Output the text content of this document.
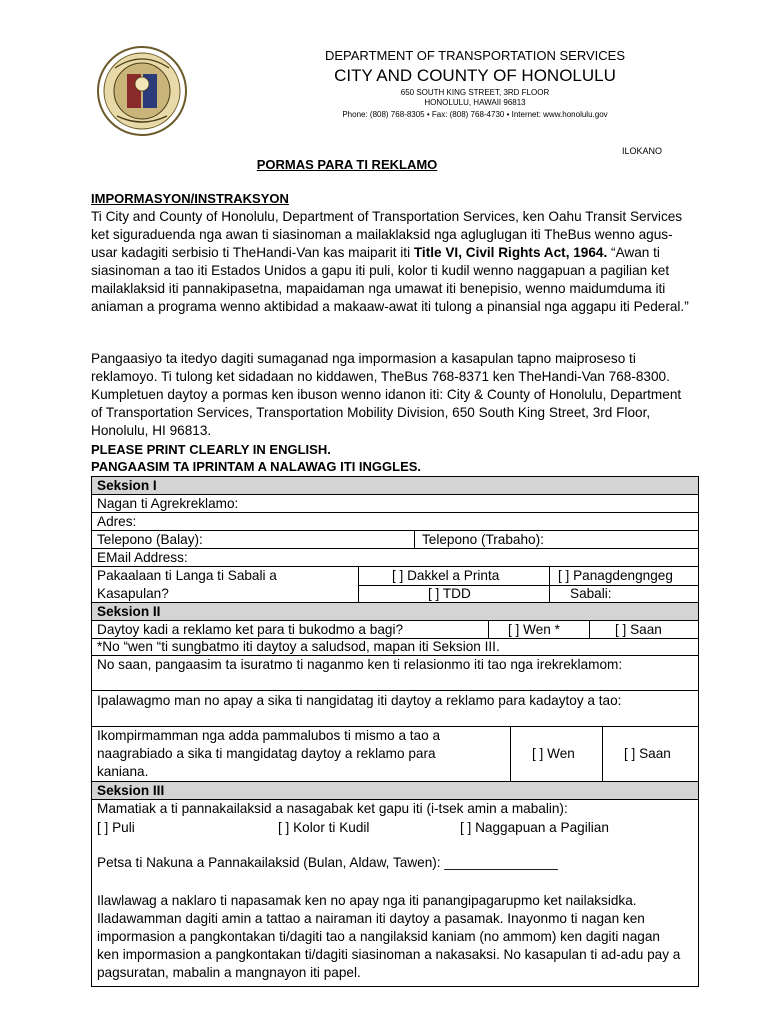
DEPARTMENT OF TRANSPORTATION SERVICES
CITY AND COUNTY OF HONOLULU
650 SOUTH KING STREET, 3RD FLOOR
HONOLULU, HAWAII 96813
Phone: (808) 768-8305 • Fax: (808) 768-4730 • Internet: www.honolulu.gov
ILOKANO
PORMAS PARA TI REKLAMO
IMPORMASYON/INSTRAKSYON
Ti City and County of Honolulu, Department of Transportation Services, ken Oahu Transit Services ket siguraduenda nga awan ti siasinoman a mailaklaksid nga agluglugan iti TheBus wenno agus-usar kadagiti serbisio ti TheHandi-Van kas maiparit iti Title VI, Civil Rights Act, 1964. “Awan ti siasinoman a tao iti Estados Unidos a gapu iti puli, kolor ti kudil wenno naggapuan a pagilian ket mailaklaksid iti pannakipasetna, mapaidaman nga umawat iti benepisio, wenno maidumduma iti aniaman a programa wenno aktibidad a makaaw-awat iti tulong a pinansial nga aggapu iti Pederal.”
Pangaasiyo ta itedyo dagiti sumaganad nga impormasion a kasapulan tapno maiproseso ti reklamoyo. Ti tulong ket sidadaan no kiddawen, TheBus 768-8371 ken TheHandi-Van 768-8300. Kumpletuen daytoy a pormas ken ibuson wenno idanon iti: City & County of Honolulu, Department of Transportation Services, Transportation Mobility Division, 650 South King Street, 3rd Floor, Honolulu, HI 96813.
PLEASE PRINT CLEARLY IN ENGLISH.
PANGAASIM TA IPRINTAM A NALAWAG ITI INGGLES.
Seksion I
Nagan ti Agrekreklamo:
Adres:
Telepono (Balay):	Telepono (Trabaho):
EMail Address:
Pakaalaan ti Langa ti Sabali a
Kasapulan?
[ ] Dakkel a Printa	[ ] Panagdengngeg
[ ] TDD	Sabali:
Seksion II
Daytoy kadi a reklamo ket para ti bukodmo a bagi?	[ ] Wen *	[ ] Saan
*No “wen “ti sungbatmo iti daytoy a saludsod, mapan iti Seksion III.
No saan, pangaasim ta isuratmo ti naganmo ken ti relasionmo iti tao nga irekreklamom:
Ipalawagmo man no apay a sika ti nangidatag iti daytoy a reklamo para kadaytoy a tao:
Ikompirmamman nga adda pammalubos ti mismo a tao a
naagrabiado a sika ti mangidatag daytoy a reklamo para
kaniana.
[ ] Wen	[ ] Saan
Seksion III
Mamatiak a ti pannakailaksid a nasagabak ket gapu iti (i-tsek amin a mabalin):
[ ] Puli	[ ] Kolor ti Kudil	[ ] Naggapuan a Pagilian
Petsa ti Nakuna a Pannakailaksid (Bulan, Aldaw, Tawen): _______________
Ilawlawag a naklaro ti napasamak ken no apay nga iti panangipagarupmo ket nailaksidka. Iladawamman dagiti amin a tattao a nairaman iti daytoy a pasamak. Inayonmo ti nagan ken impormasion a pangkontakan ti/dagiti tao a nangilaksid kaniam (no ammom) ken dagiti nagan ken impormasion a pangkontakan ti/dagiti siasinoman a nakasaksi. No kasapulan ti ad-adu pay a pagsuratan, mabalin a mangnayon iti papel.
